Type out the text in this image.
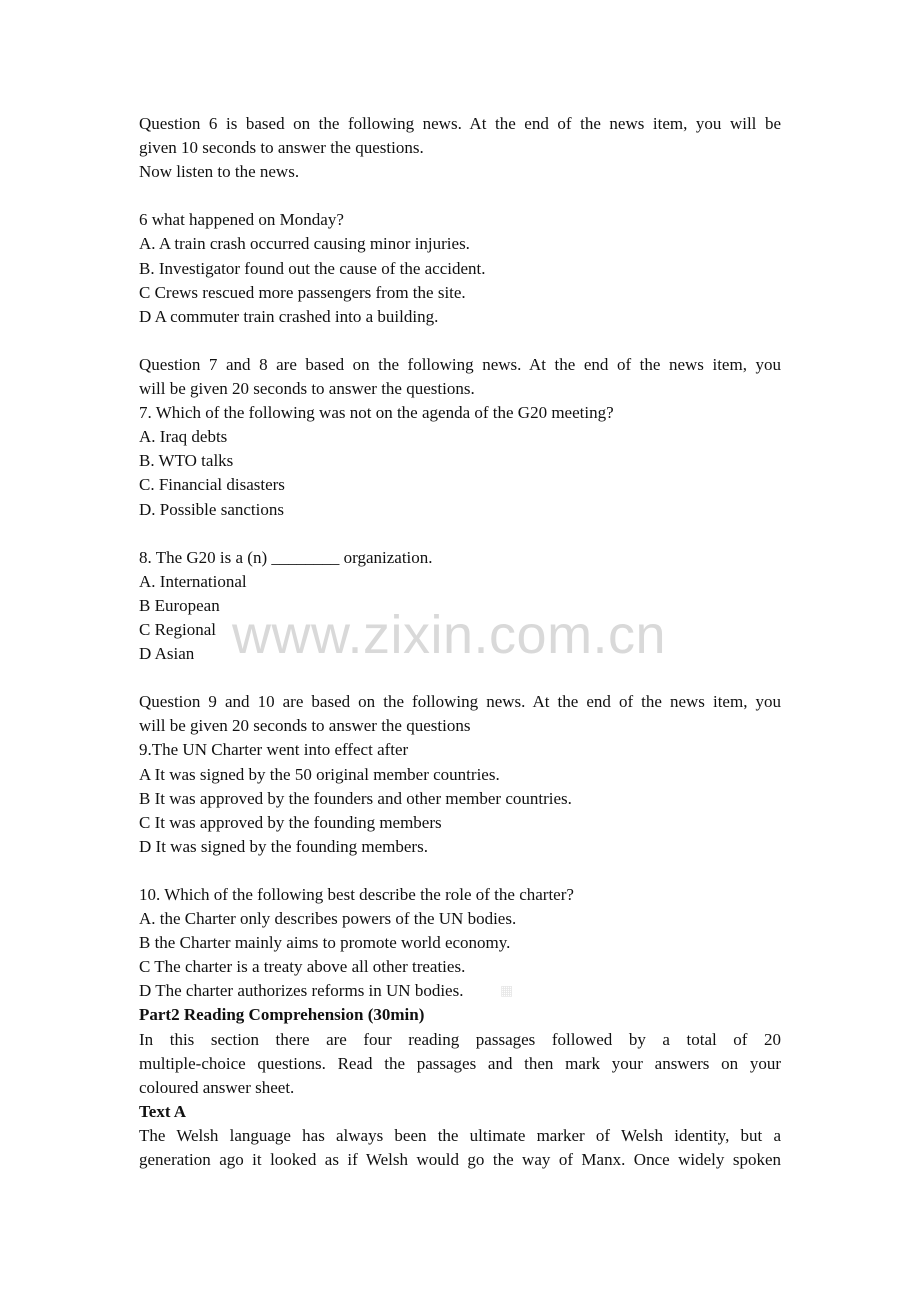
Question 6 is based on the following news. At the end of the news item, you will be
given 10 seconds to answer the questions.
Now listen to the news.
6 what happened on Monday?
A. A train crash occurred causing minor injuries.
B. Investigator found out the cause of the accident.
C Crews rescued more passengers from the site.
D A commuter train crashed into a building.
Question 7 and 8 are based on the following news. At the end of the news item, you
will be given 20 seconds to answer the questions.
7. Which of the following was not on the agenda of the G20 meeting?
A. Iraq debts
B. WTO talks
C. Financial disasters
D. Possible sanctions
8. The G20 is a (n) ________ organization.
A. International
B European
C Regional
D Asian
Question 9 and 10 are based on the following news. At the end of the news item, you
will be given 20 seconds to answer the questions
9.The UN Charter went into effect after
A It was signed by the 50 original member countries.
B It was approved by the founders and other member countries.
C It was approved by the founding members
D It was signed by the founding members.
10. Which of the following best describe the role of the charter?
A. the Charter only describes powers of the UN bodies.
B the Charter mainly aims to promote world economy.
C The charter is a treaty above all other treaties.
D The charter authorizes reforms in UN bodies.
Part2 Reading Comprehension (30min)
In this section there are four reading passages followed by a total of 20
multiple-choice questions. Read the passages and then mark your answers on your
coloured answer sheet.
Text A
The Welsh language has always been the ultimate marker of Welsh identity, but a
generation ago it looked as if Welsh would go the way of Manx. Once widely spoken
www.zixin.com.cn
▦
